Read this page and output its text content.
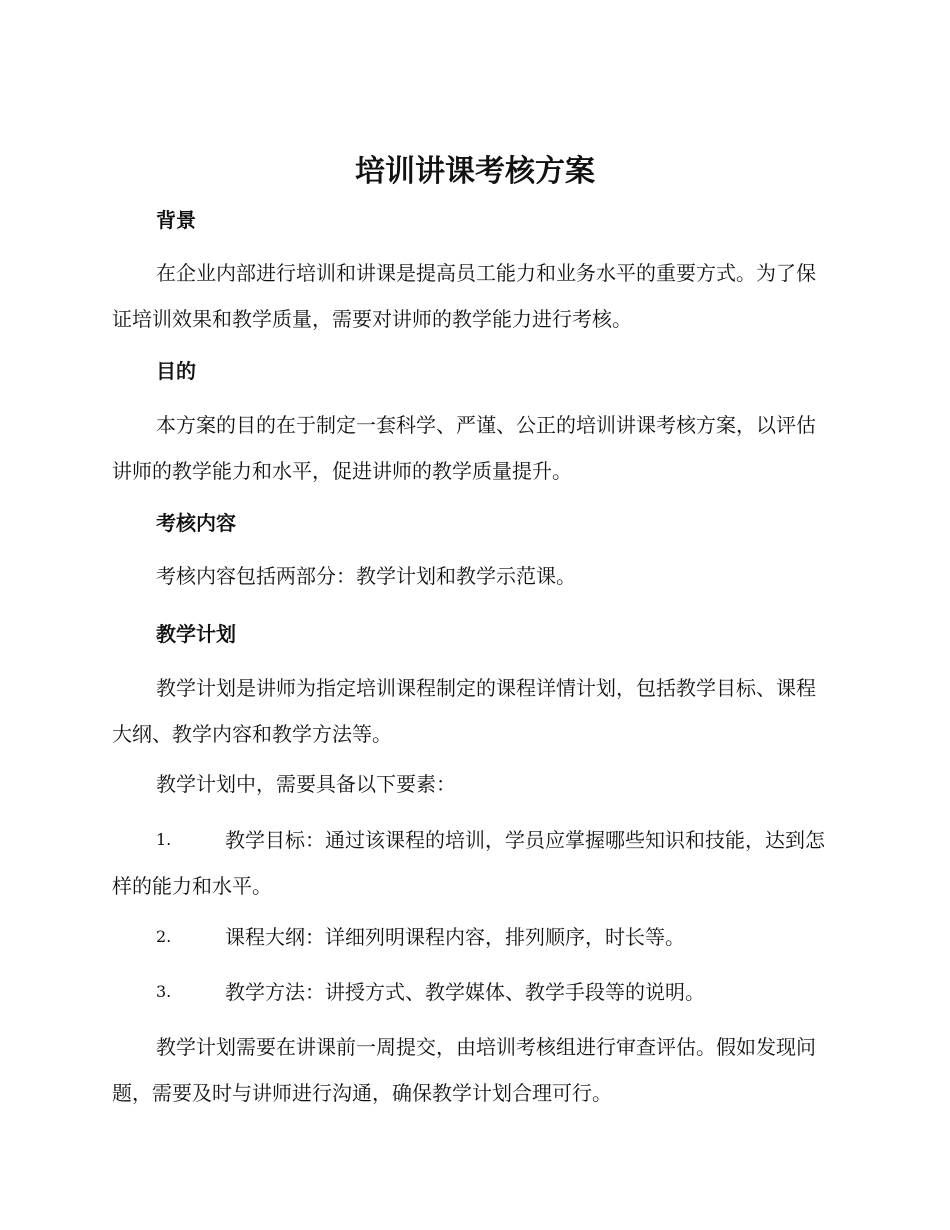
培训讲课考核方案
背景

在企业内部进行培训和讲课是提高员工能力和业务水平的重要方式。为了保证培训效果和教学质量，需要对讲师的教学能力进行考核。

目的

本方案的目的在于制定一套科学、严谨、公正的培训讲课考核方案，以评估讲师的教学能力和水平，促进讲师的教学质量提升。

考核内容

考核内容包括两部分：教学计划和教学示范课。

教学计划

教学计划是讲师为指定培训课程制定的课程详情计划，包括教学目标、课程大纲、教学内容和教学方法等。

教学计划中，需要具备以下要素：

1.	教学目标：通过该课程的培训，学员应掌握哪些知识和技能，达到怎样的能力和水平。
2.	课程大纲：详细列明课程内容，排列顺序，时长等。
3.	教学方法：讲授方式、教学媒体、教学手段等的说明。

教学计划需要在讲课前一周提交，由培训考核组进行审查评估。假如发现问题，需要及时与讲师进行沟通，确保教学计划合理可行。
